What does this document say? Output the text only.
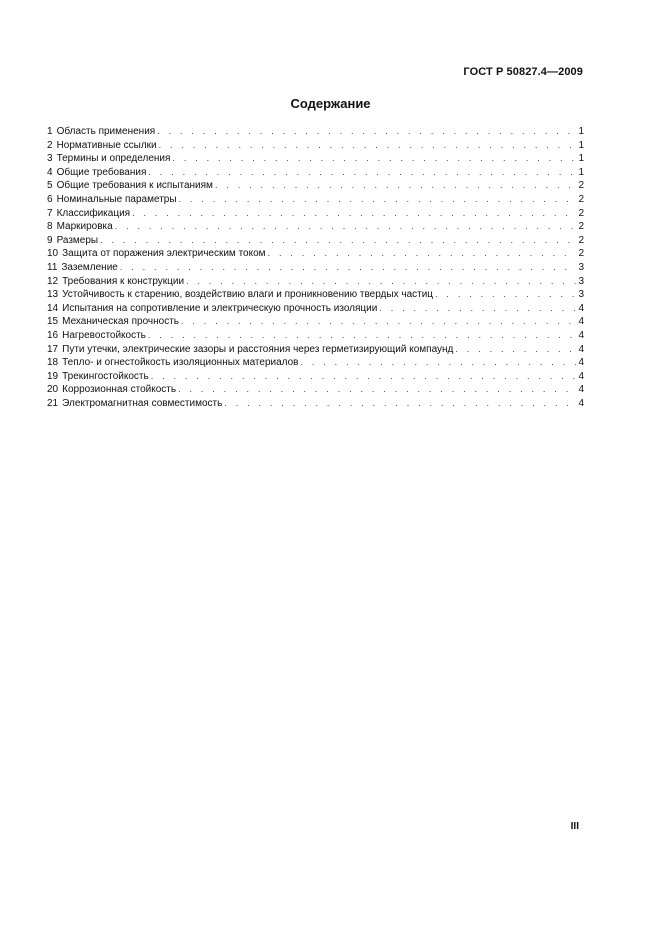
ГОСТ Р 50827.4—2009
Содержание
1 Область применения . . .	1
2 Нормативные ссылки . . .	1
3 Термины и определения . . .	1
4 Общие требования . . .	1
5 Общие требования к испытаниям . . .	2
6 Номинальные параметры . . .	2
7 Классификация . . .	2
8 Маркировка . . .	2
9 Размеры . . .	2
10 Защита от поражения электрическим током . . .	2
11 Заземление . . .	3
12 Требования к конструкции . . .	3
13 Устойчивость к старению, воздействию влаги и проникновению твердых частиц . . .	3
14 Испытания на сопротивление и электрическую прочность изоляции . . .	4
15 Механическая прочность . . .	4
16 Нагревостойкость . . .	4
17 Пути утечки, электрические зазоры и расстояния через герметизирующий компаунд . . .	4
18 Тепло- и огнестойкость изоляционных материалов . . .	4
19 Трекингостойкость . . .	4
20 Коррозионная стойкость . . .	4
21 Электромагнитная совместимость . . .	4
III
